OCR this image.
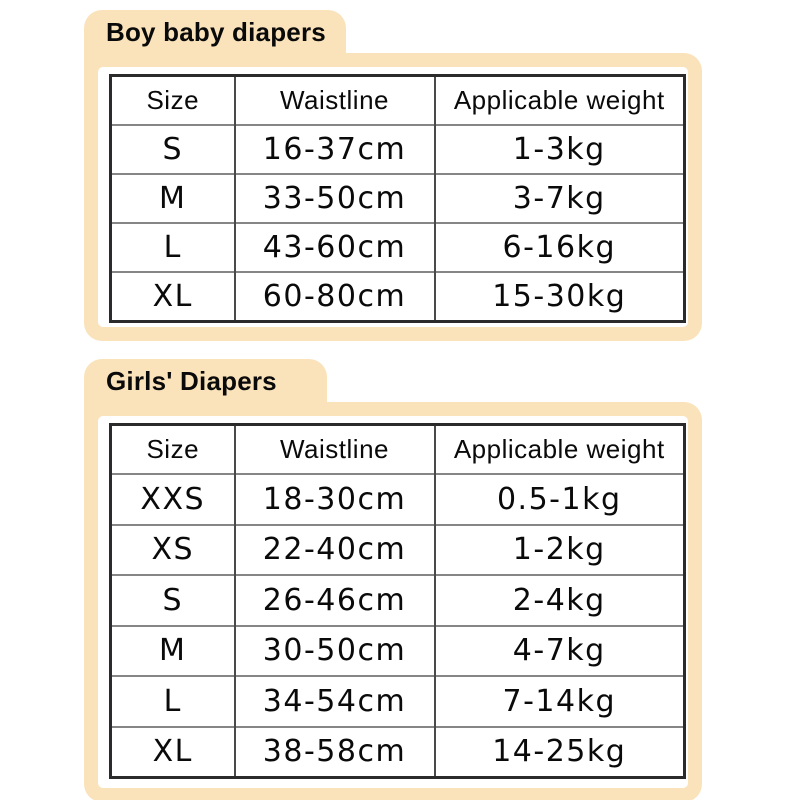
Boy baby diapers
Size	Waistline	Applicable weight
S	16-37cm	1-3kg
M	33-50cm	3-7kg
L	43-60cm	6-16kg
XL	60-80cm	15-30kg
Girls' Diapers
Size	Waistline	Applicable weight
XXS	18-30cm	0.5-1kg
XS	22-40cm	1-2kg
S	26-46cm	2-4kg
M	30-50cm	4-7kg
L	34-54cm	7-14kg
XL	38-58cm	14-25kg
